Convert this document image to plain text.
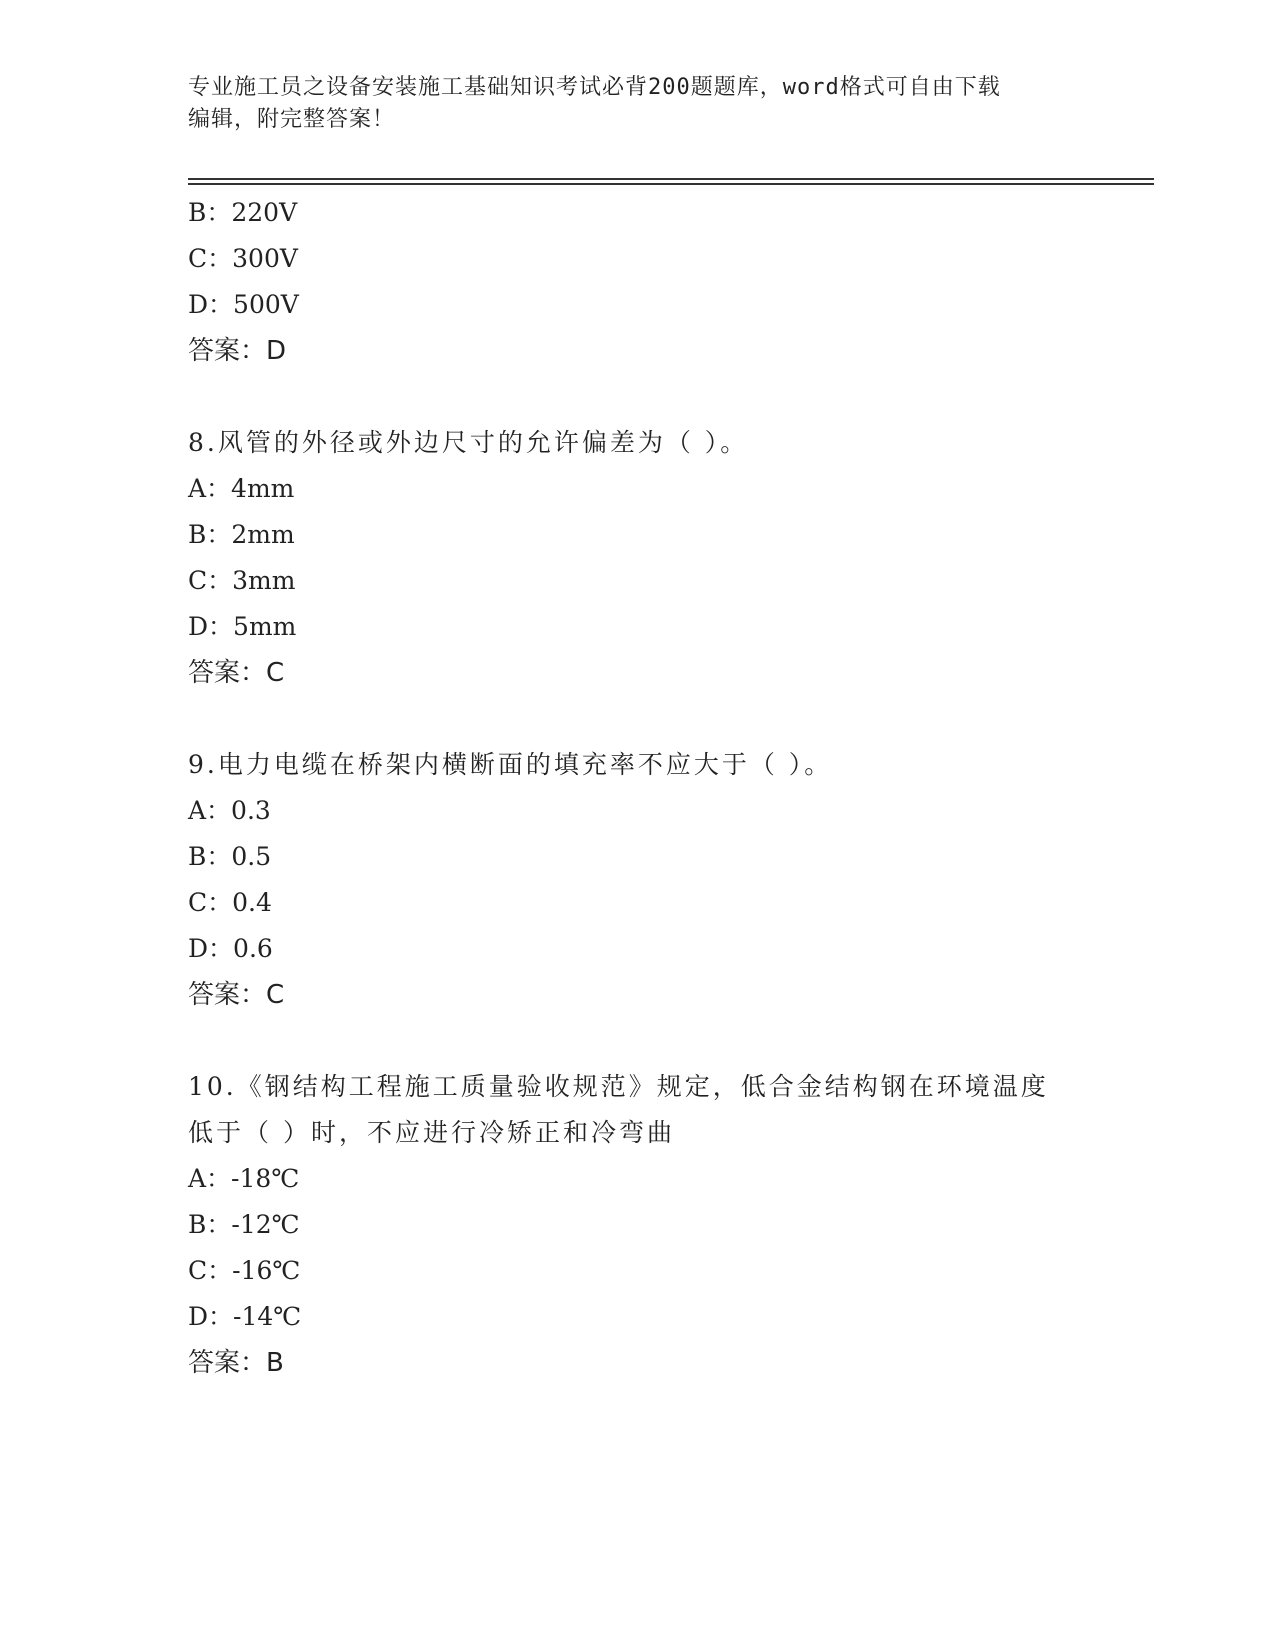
专业施工员之设备安装施工基础知识考试必背200题题库，word格式可自由下载

编辑，附完整答案！

B：220V
C：300V
D：500V
答案：D
8.风管的外径或外边尺寸的允许偏差为（ ）。
A：4mm
B：2mm
C：3mm
D：5mm
答案：C
9.电力电缆在桥架内横断面的填充率不应大于（ ）。
A：0.3
B：0.5
C：0.4
D：0.6
答案：C
10.《钢结构工程施工质量验收规范》规定，低合金结构钢在环境温度
低于（ ）时，不应进行冷矫正和冷弯曲
A：-18℃
B：-12℃
C：-16℃
D：-14℃
答案：B
